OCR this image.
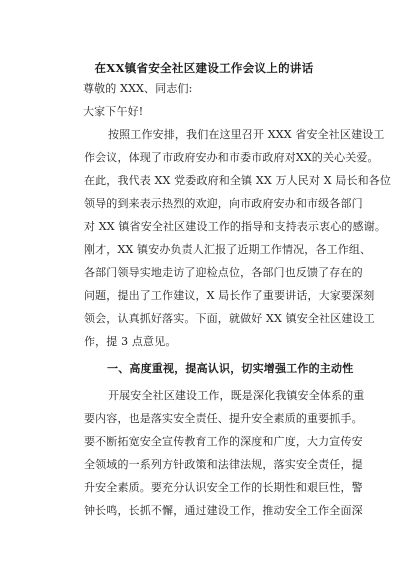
在XX镇省安全社区建设工作会议上的讲话
尊敬的 XXX、同志们:
大家下午好!
按照工作安排，我们在这里召开 XXX 省安全社区建设工
作会议，体现了市政府安办和市委市政府对XX的关心关爱。
在此，我代表 XX 党委政府和全镇 XX 万人民对 X 局长和各位
领导的到来表示热烈的欢迎，向市政府安办和市级各部门
对 XX 镇省安全社区建设工作的指导和支持表示衷心的感谢。
刚才，XX 镇安办负责人汇报了近期工作情况，各工作组、
各部门领导实地走访了迎检点位，各部门也反馈了存在的
问题，提出了工作建议，X 局长作了重要讲话，大家要深刻
领会，认真抓好落实。下面，就做好 XX 镇安全社区建设工
作，提 3 点意见。
一、高度重视，提高认识，切实增强工作的主动性
开展安全社区建设工作，既是深化我镇安全体系的重
要内容，也是落实安全责任、提升安全素质的重要抓手。
要不断拓宽安全宣传教育工作的深度和广度，大力宣传安
全领域的一系列方针政策和法律法规，落实安全责任，提
升安全素质。要充分认识安全工作的长期性和艰巨性，警
钟长鸣，长抓不懈，通过建设工作，推动安全工作全面深
